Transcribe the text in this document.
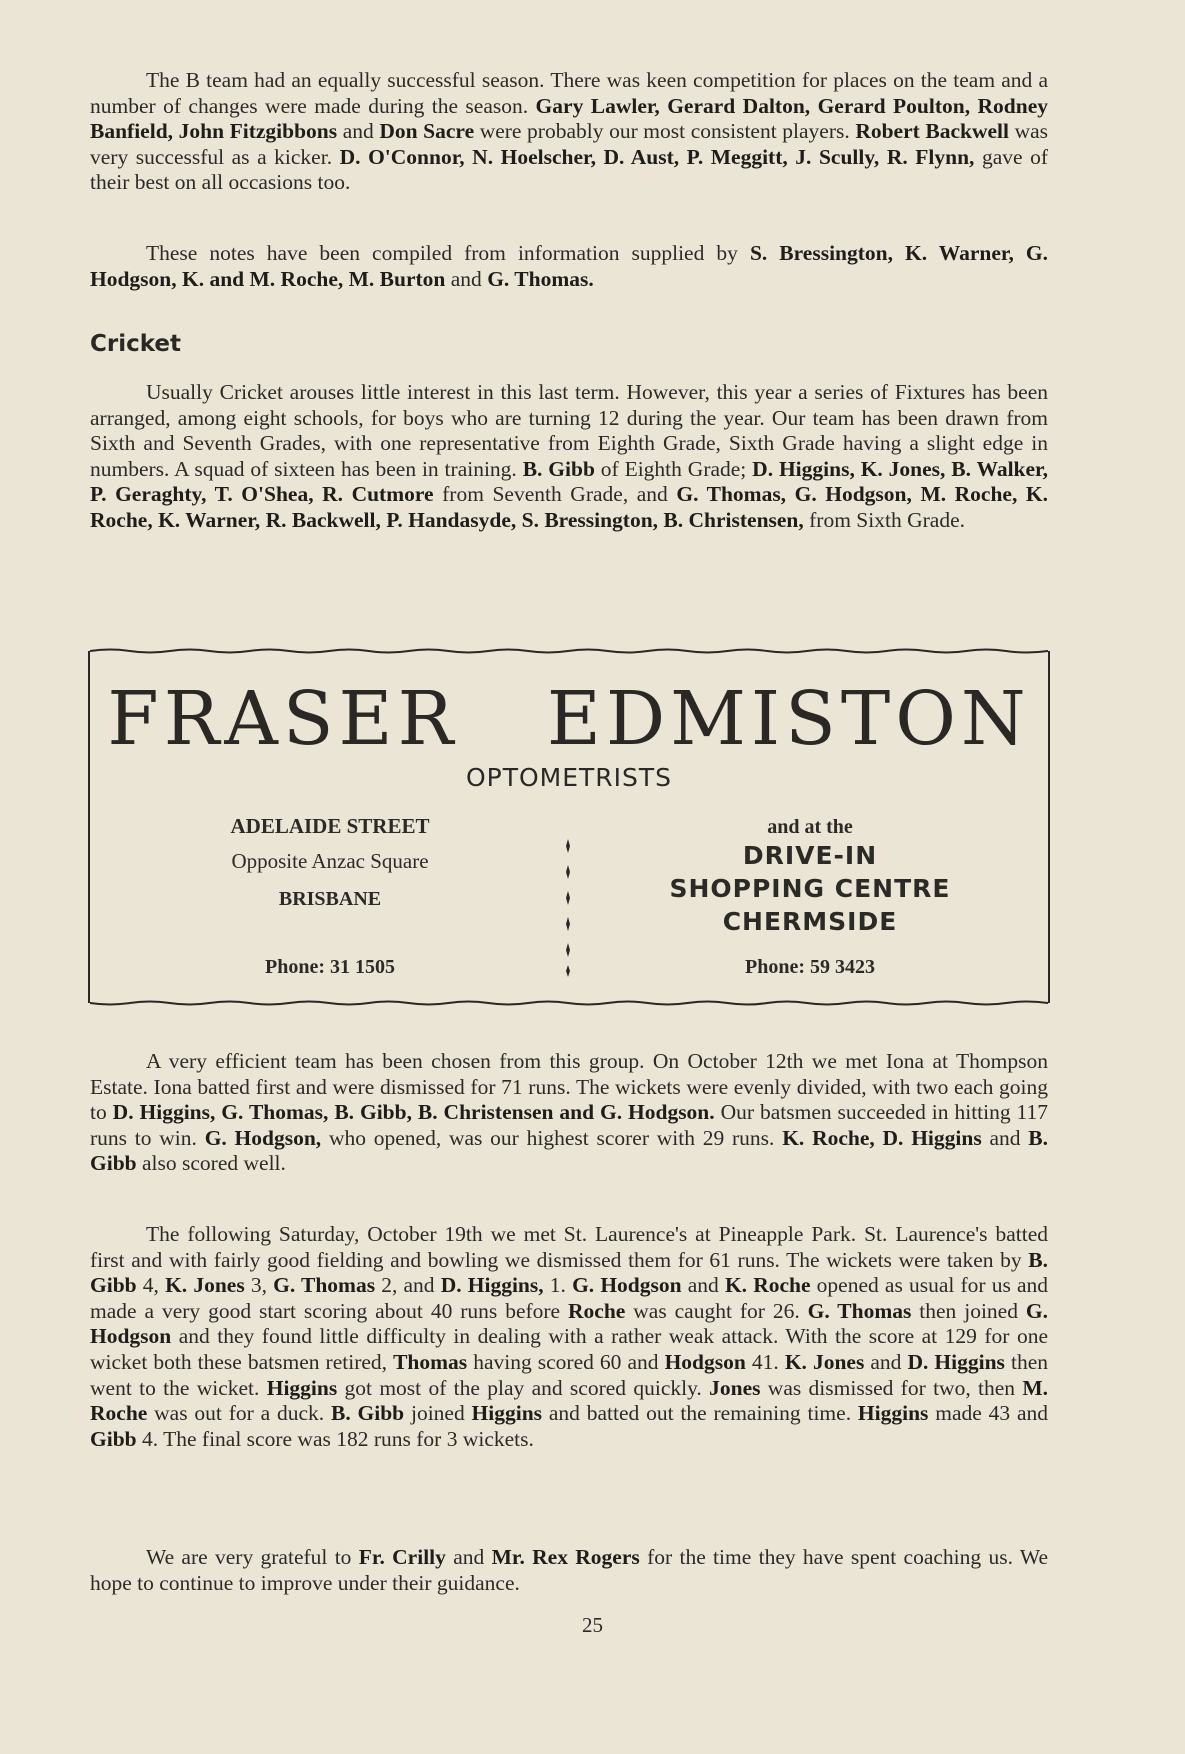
The B team had an equally successful season. There was keen competition for places on the team and a number of changes were made during the season. Gary Lawler, Gerard Dalton, Gerard Poulton, Rodney Banfield, John Fitzgibbons and Don Sacre were probably our most consistent players. Robert Backwell was very successful as a kicker. D. O'Connor, N. Hoelscher, D. Aust, P. Meggitt, J. Scully, R. Flynn, gave of their best on all occasions too.

These notes have been compiled from information supplied by S. Bressington, K. Warner, G. Hodgson, K. and M. Roche, M. Burton and G. Thomas.

Cricket

Usually Cricket arouses little interest in this last term. However, this year a series of Fixtures has been arranged, among eight schools, for boys who are turning 12 during the year. Our team has been drawn from Sixth and Seventh Grades, with one representative from Eighth Grade, Sixth Grade having a slight edge in numbers. A squad of sixteen has been in training. B. Gibb of Eighth Grade; D. Higgins, K. Jones, B. Walker, P. Geraghty, T. O'Shea, R. Cutmore from Seventh Grade, and G. Thomas, G. Hodgson, M. Roche, K. Roche, K. Warner, R. Backwell, P. Handasyde, S. Bressington, B. Christensen, from Sixth Grade.

FRASER EDMISTON
OPTOMETRISTS
ADELAIDE STREET
Opposite Anzac Square
BRISBANE
and at the
DRIVE-IN
SHOPPING CENTRE
CHERMSIDE
Phone: 31 1505	Phone: 59 3423

A very efficient team has been chosen from this group. On October 12th we met Iona at Thompson Estate. Iona batted first and were dismissed for 71 runs. The wickets were evenly divided, with two each going to D. Higgins, G. Thomas, B. Gibb, B. Christensen and G. Hodgson. Our batsmen succeeded in hitting 117 runs to win. G. Hodgson, who opened, was our highest scorer with 29 runs. K. Roche, D. Higgins and B. Gibb also scored well.

The following Saturday, October 19th we met St. Laurence's at Pineapple Park. St. Laurence's batted first and with fairly good fielding and bowling we dismissed them for 61 runs. The wickets were taken by B. Gibb 4, K. Jones 3, G. Thomas 2, and D. Higgins, 1. G. Hodgson and K. Roche opened as usual for us and made a very good start scoring about 40 runs before Roche was caught for 26. G. Thomas then joined G. Hodgson and they found little difficulty in dealing with a rather weak attack. With the score at 129 for one wicket both these batsmen retired, Thomas having scored 60 and Hodgson 41. K. Jones and D. Higgins then went to the wicket. Higgins got most of the play and scored quickly. Jones was dismissed for two, then M. Roche was out for a duck. B. Gibb joined Higgins and batted out the remaining time. Higgins made 43 and Gibb 4. The final score was 182 runs for 3 wickets.

We are very grateful to Fr. Crilly and Mr. Rex Rogers for the time they have spent coaching us. We hope to continue to improve under their guidance.

25
